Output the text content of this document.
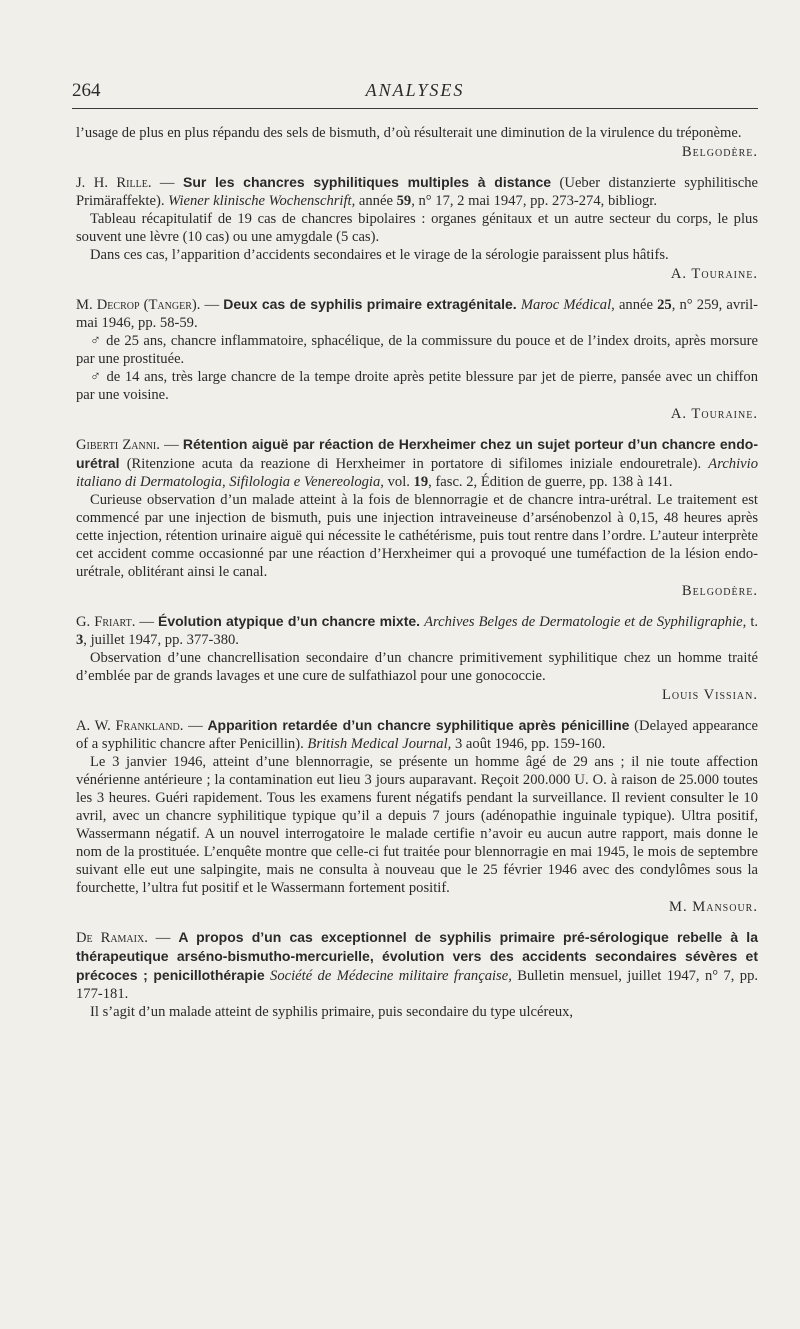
264	ANALYSES

l’usage de plus en plus répandu des sels de bismuth, d’où résulterait une diminution de la virulence du tréponème.

Belgodère.

J. H. Rille. — Sur les chancres syphilitiques multiples à distance (Ueber distanzierte syphilitische Primäraffekte). Wiener klinische Wochenschrift, année 59, n° 17, 2 mai 1947, pp. 273-274, bibliogr.

Tableau récapitulatif de 19 cas de chancres bipolaires : organes génitaux et un autre secteur du corps, le plus souvent une lèvre (10 cas) ou une amygdale (5 cas).

Dans ces cas, l’apparition d’accidents secondaires et le virage de la sérologie paraissent plus hâtifs.

A. Touraine.

M. Decrop (Tanger). — Deux cas de syphilis primaire extragénitale. Maroc Médical, année 25, n° 259, avril-mai 1946, pp. 58-59.

♂ de 25 ans, chancre inflammatoire, sphacélique, de la commissure du pouce et de l’index droits, après morsure par une prostituée.

♂ de 14 ans, très large chancre de la tempe droite après petite blessure par jet de pierre, pansée avec un chiffon par une voisine.

A. Touraine.

Giberti Zanni. — Rétention aiguë par réaction de Herxheimer chez un sujet porteur d’un chancre endo-urétral (Ritenzione acuta da reazione di Herxheimer in portatore di sifilomes iniziale endouretrale). Archivio italiano di Dermatologia, Sifilologia e Venereologia, vol. 19, fasc. 2, Édition de guerre, pp. 138 à 141.

Curieuse observation d’un malade atteint à la fois de blennorragie et de chancre intra-urétral. Le traitement est commencé par une injection de bismuth, puis une injection intraveineuse d’arsénobenzol à 0,15, 48 heures après cette injection, rétention urinaire aiguë qui nécessite le cathétérisme, puis tout rentre dans l’ordre. L’auteur interprète cet accident comme occasionné par une réaction d’Herxheimer qui a provoqué une tuméfaction de la lésion endo-urétrale, oblitérant ainsi le canal.

Belgodère.

G. Friart. — Évolution atypique d’un chancre mixte. Archives Belges de Dermatologie et de Syphiligraphie, t. 3, juillet 1947, pp. 377-380.

Observation d’une chancrellisation secondaire d’un chancre primitivement syphilitique chez un homme traité d’emblée par de grands lavages et une cure de sulfathiazol pour une gonococcie.

Louis Vissian.

A. W. Frankland. — Apparition retardée d’un chancre syphilitique après pénicilline (Delayed appearance of a syphilitic chancre after Penicillin). British Medical Journal, 3 août 1946, pp. 159-160.

Le 3 janvier 1946, atteint d’une blennorragie, se présente un homme âgé de 29 ans ; il nie toute affection vénérienne antérieure ; la contamination eut lieu 3 jours auparavant. Reçoit 200.000 U. O. à raison de 25.000 toutes les 3 heures. Guéri rapidement. Tous les examens furent négatifs pendant la surveillance. Il revient consulter le 10 avril, avec un chancre syphilitique typique qu’il a depuis 7 jours (adénopathie inguinale typique). Ultra positif, Wassermann négatif. A un nouvel interrogatoire le malade certifie n’avoir eu aucun autre rapport, mais donne le nom de la prostituée. L’enquête montre que celle-ci fut traitée pour blennorragie en mai 1945, le mois de septembre suivant elle eut une salpingite, mais ne consulta à nouveau que le 25 février 1946 avec des condylômes sous la fourchette, l’ultra fut positif et le Wassermann fortement positif.

M. Mansour.

De Ramaix. — A propos d’un cas exceptionnel de syphilis primaire pré-sérologique rebelle à la thérapeutique arséno-bismutho-mercurielle, évolution vers des accidents secondaires sévères et précoces ; penicillothérapie Société de Médecine militaire française, Bulletin mensuel, juillet 1947, n° 7, pp. 177-181.

Il s’agit d’un malade atteint de syphilis primaire, puis secondaire du type ulcéreux,
